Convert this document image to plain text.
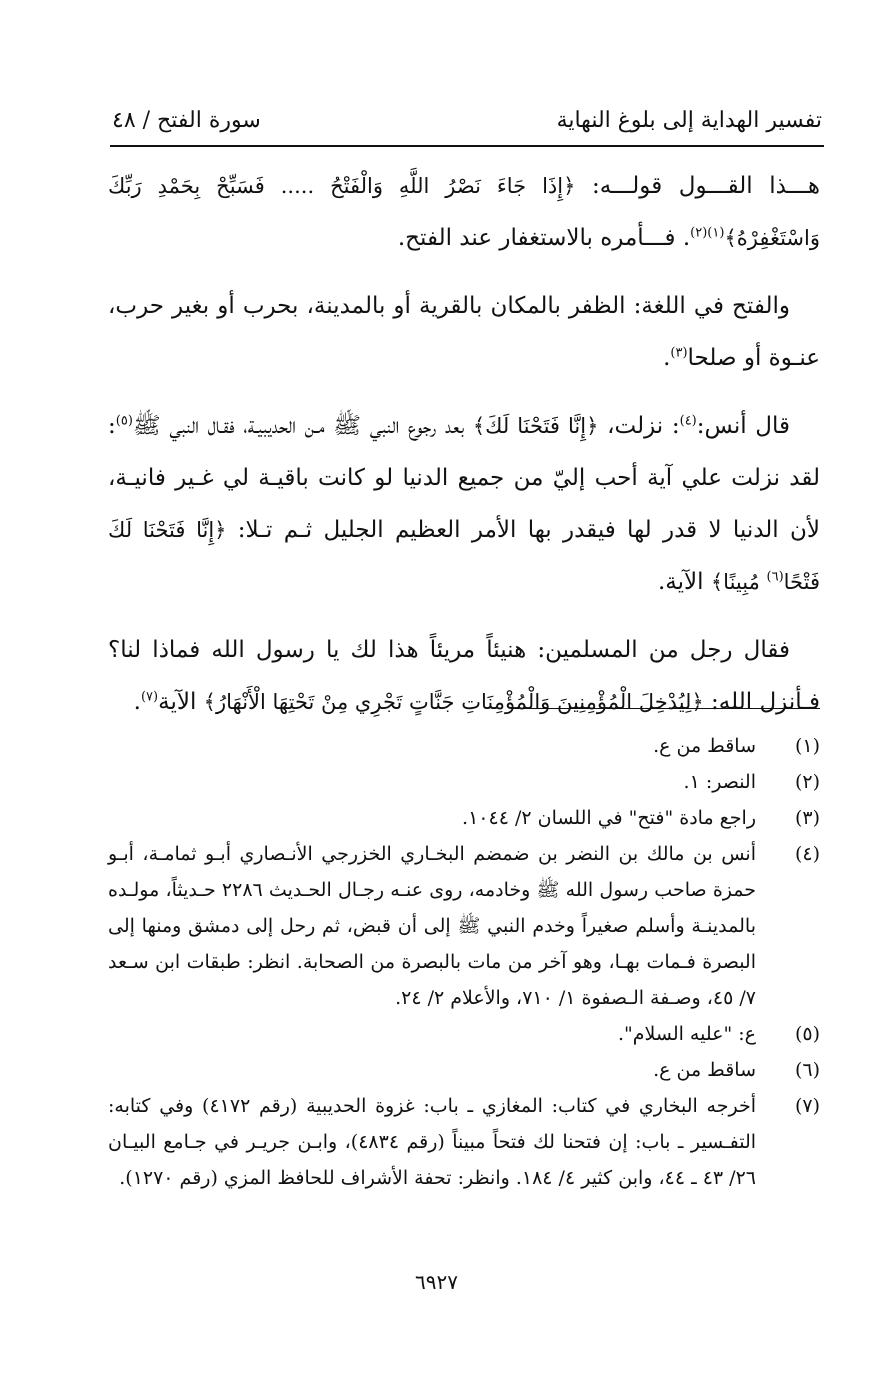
تفسير الهداية إلى بلوغ النهاية
سورة الفتح / ٤٨

هـــذا القـــول قولـــه: ﴿إِذَا جَاءَ نَصْرُ اللَّهِ وَالْفَتْحُ ..... فَسَبِّحْ بِحَمْدِ رَبِّكَ وَاسْتَغْفِرْهُ﴾$^{(١)(٢)}$. فـــأمره بالاستغفار عند الفتح.

والفتح في اللغة: الظفر بالمكان بالقرية أو بالمدينة، بحرب أو بغير حرب، عنـوة أو صلحا$^{(٣)}$.

قال أنس:$^{(٤)}$: نزلت، ﴿إِنَّا فَتَحْنَا لَكَ﴾ بعد رجوع النبي ﷺ مـن الحديبيـة، فقـال النبي ﷺ$^{(٥)}$: لقد نزلت علي آية أحب إليّ من جميع الدنيا لو كانت باقيـة لي غـير فانيـة، لأن الدنيا لا قدر لها فيقدر بها الأمر العظيم الجليل ثـم تـلا: ﴿إِنَّا فَتَحْنَا لَكَ فَتْحًا$^{(٦)}$ مُبِينًا﴾ الآية.

فقال رجل من المسلمين: هنيئاً مريئاً هذا لك يا رسول الله فماذا لنا؟ فـأنزل الله: ﴿لِيُدْخِلَ الْمُؤْمِنِينَ وَالْمُؤْمِنَاتِ جَنَّاتٍ تَجْرِي مِنْ تَحْتِهَا الْأَنْهَارُ﴾ الآية$^{(٧)}$.

(١)
ساقط من ع.
(٢)
النصر: ١.
(٣)
راجع مادة "فتح" في اللسان ٢/ ١٠٤٤.
(٤)
أنس بن مالك بن النضر بن ضمضم البخـاري الخزرجي الأنـصاري أبـو ثمامـة، أبـو حمزة صاحب رسول الله ﷺ وخادمه، روى عنـه رجـال الحـديث ٢٢٨٦ حـديثاً، مولـده بالمدينـة وأسلم صغيراً وخدم النبي ﷺ إلى أن قبض، ثم رحل إلى دمشق ومنها إلى البصرة فـمات بهـا، وهو آخر من مات بالبصرة من الصحابة. انظر: طبقات ابن سـعد ٧/ ٤٥، وصـفة الـصفوة ١/ ٧١٠، والأعلام ٢/ ٢٤.
(٥)
ع: "عليه السلام".
(٦)
ساقط من ع.
(٧)
أخرجه البخاري في كتاب: المغازي ـ باب: غزوة الحديبية (رقم ٤١٧٢) وفي كتابه: التفـسير ـ باب: إن فتحنا لك فتحاً مبيناً (رقم ٤٨٣٤)، وابـن جريـر في جـامع البيـان ٢٦/ ٤٣ ـ ٤٤، وابن كثير ٤/ ١٨٤. وانظر: تحفة الأشراف للحافظ المزي (رقم ١٢٧٠).
٦٩٢٧
